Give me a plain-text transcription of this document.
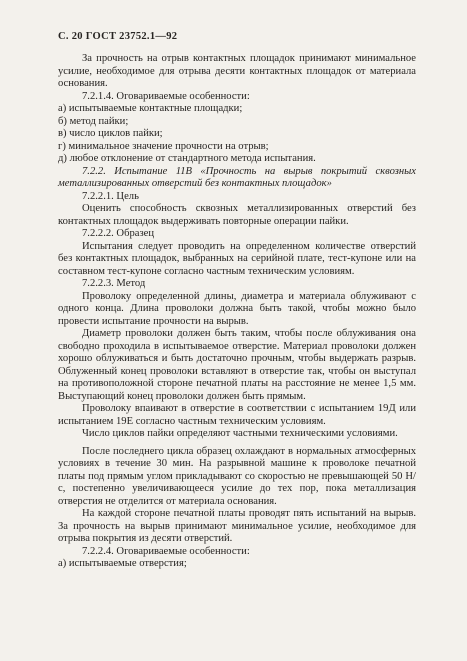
С. 20 ГОСТ 23752.1—92

За прочность на отрыв контактных площадок принимают минимальное усилие, необходимое для отрыва десяти контактных площадок от материала основания.

7.2.1.4. Оговариваемые особенности:

а) испытываемые контактные площадки;

б) метод пайки;

в) число циклов пайки;

г) минимальное значение прочности на отрыв;

д) любое отклонение от стандартного метода испытания.

7.2.2. Испытание 11В «Прочность на вырыв покрытий сквозных металлизированных отверстий без контактных площадок»

7.2.2.1. Цель

Оценить способность сквозных металлизированных отверстий без контактных площадок выдерживать повторные операции пайки.

7.2.2.2. Образец

Испытания следует проводить на определенном количестве отверстий без контактных площадок, выбранных на серийной плате, тест-купоне или на составном тест-купоне согласно частным техническим условиям.

7.2.2.3. Метод

Проволоку определенной длины, диаметра и материала облуживают с одного конца. Длина проволоки должна быть такой, чтобы можно было провести испытание прочности на вырыв.

Диаметр проволоки должен быть таким, чтобы после облуживания она свободно проходила в испытываемое отверстие. Материал проволоки должен хорошо облуживаться и быть достаточно прочным, чтобы выдержать разрыв. Облуженный конец проволоки вставляют в отверстие так, чтобы он выступал на противоположной стороне печатной платы на расстояние не менее 1,5 мм. Выступающий конец проволоки должен быть прямым.

Проволоку впаивают в отверстие в соответствии с испытанием 19Д или испытанием 19Е согласно частным техническим условиям.

Число циклов пайки определяют частными техническими условиями.

После последнего цикла образец охлаждают в нормальных атмосферных условиях в течение 30 мин. На разрывной машине к проволоке печатной платы под прямым углом прикладывают со скоростью не превышающей 50 Н/с, постепенно увеличивающееся усилие до тех пор, пока металлизация отверстия не отделится от материала основания.

На каждой стороне печатной платы проводят пять испытаний на вырыв. За прочность на вырыв принимают минимальное усилие, необходимое для отрыва покрытия из десяти отверстий.

7.2.2.4. Оговариваемые особенности:

а) испытываемые отверстия;
